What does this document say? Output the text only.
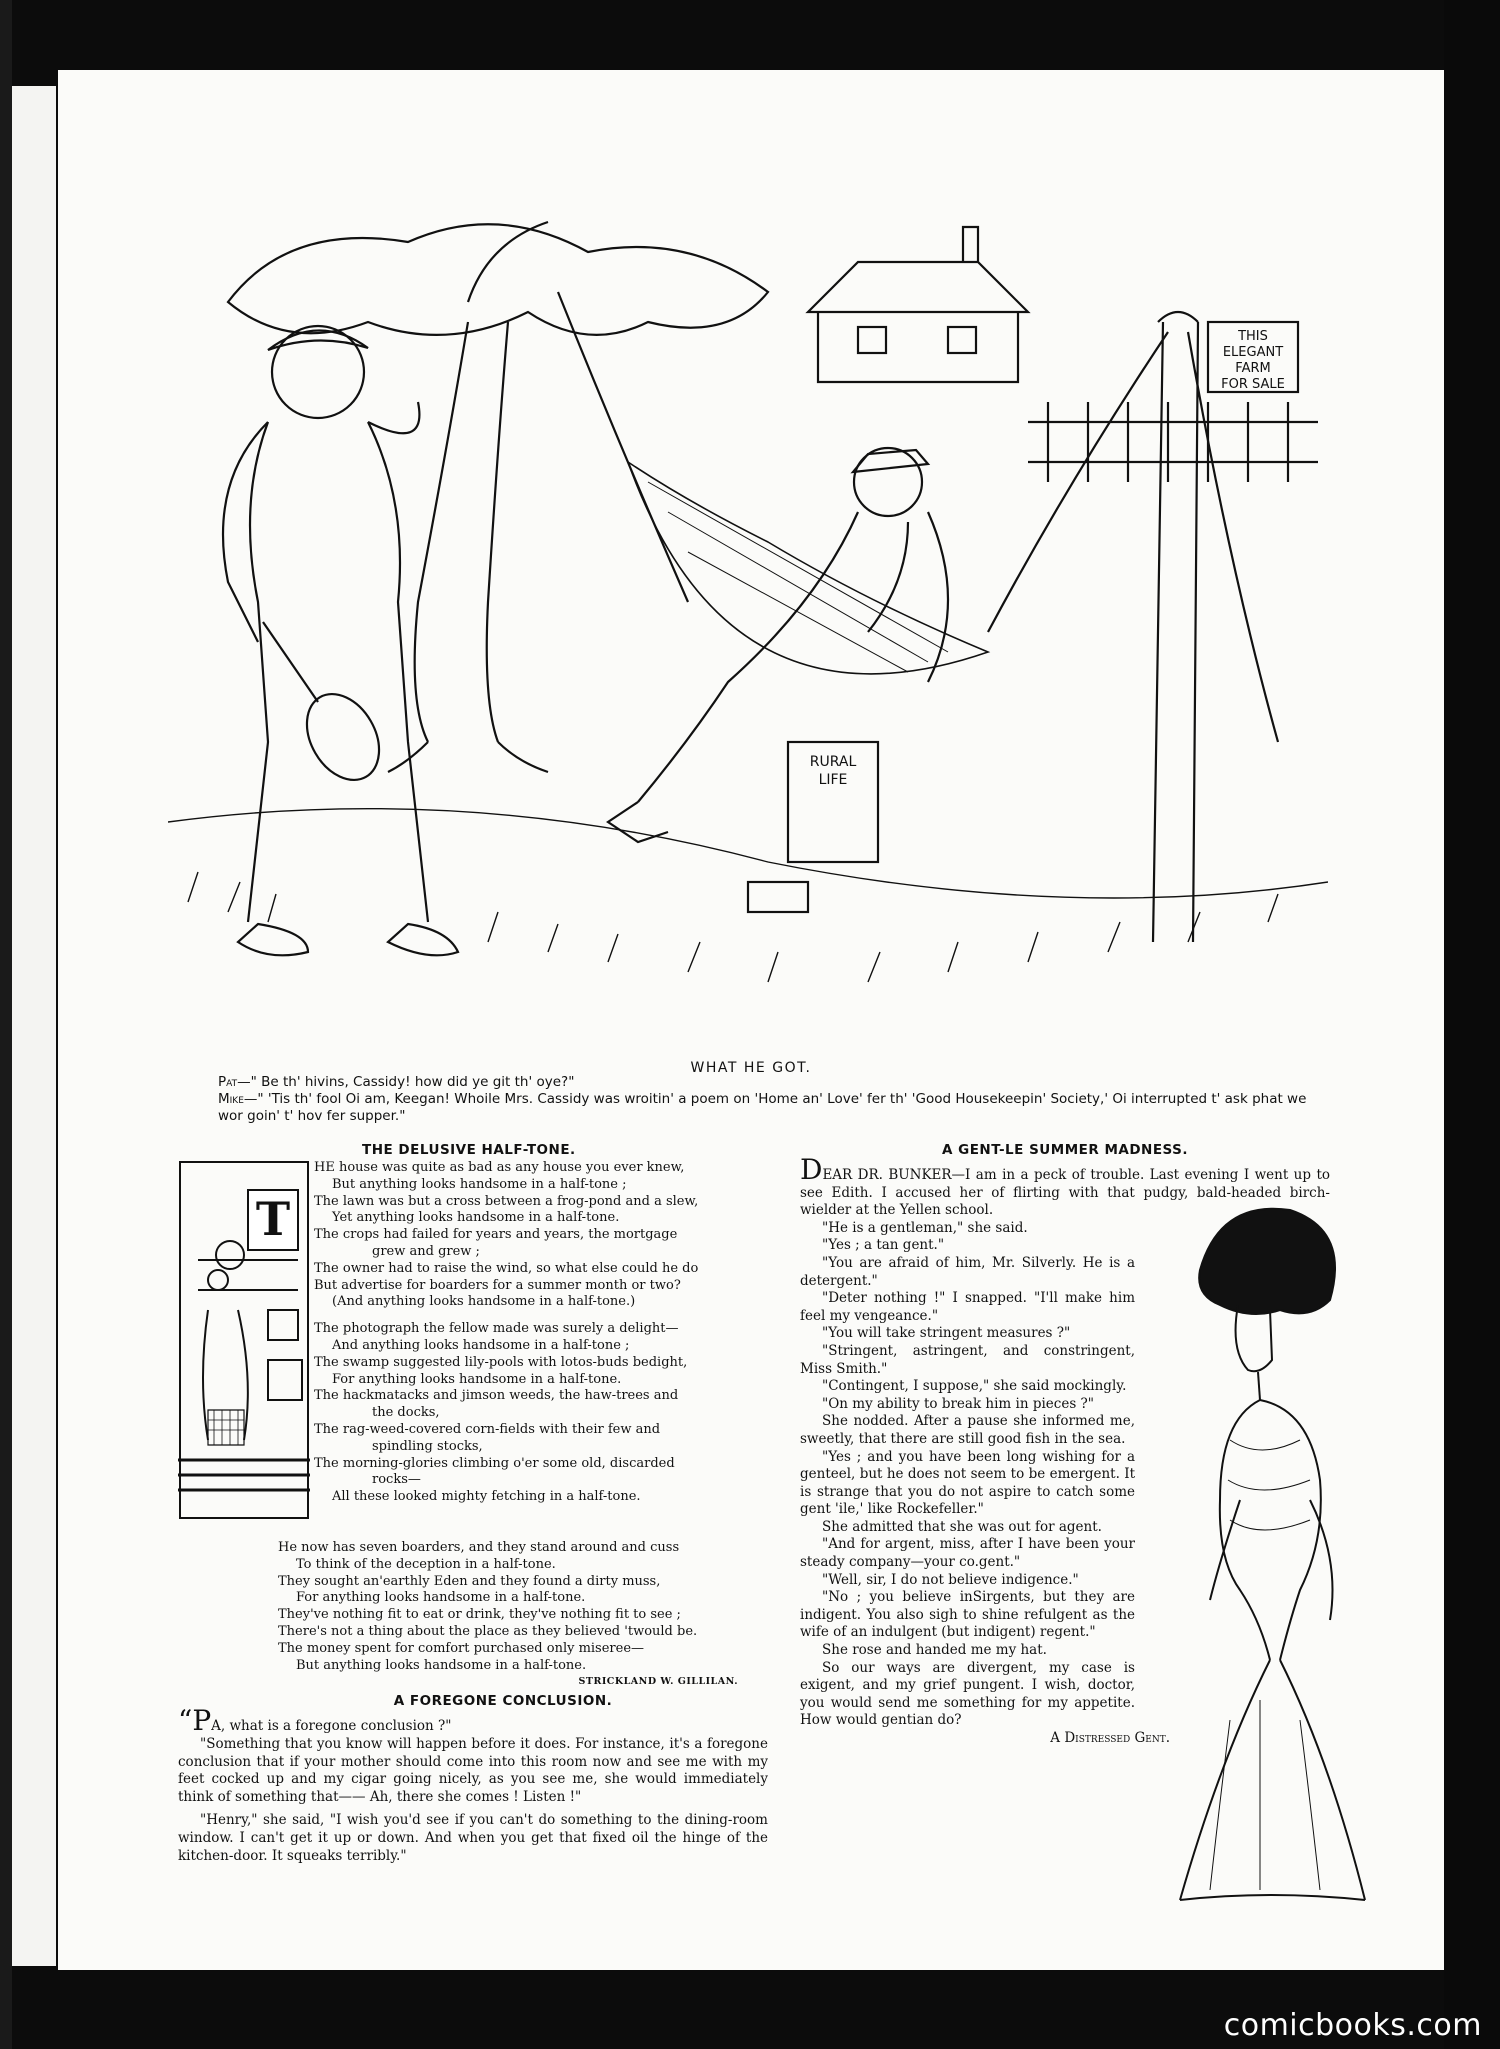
THIS
ELEGANT
FARM
FOR SALE
RURAL
LIFE
WHAT HE GOT.
Pat—" Be th' hivins, Cassidy! how did ye git th' oye?"
Mike—" 'Tis th' fool Oi am, Keegan! Whoile Mrs. Cassidy was wroitin' a poem on 'Home an' Love' fer th' 'Good Housekeepin' Society,' Oi interrupted t' ask phat we wor goin' t' hov fer supper."
THE DELUSIVE HALF-TONE.
T

HE house was quite as bad as any house you ever knew,

But anything looks handsome in a half-tone ;

The lawn was but a cross between a frog-pond and a slew,

Yet anything looks handsome in a half-tone.

The crops had failed for years and years, the mortgage

grew and grew ;

The owner had to raise the wind, so what else could he do

But advertise for boarders for a summer month or two?

(And anything looks handsome in a half-tone.)

The photograph the fellow made was surely a delight—

And anything looks handsome in a half-tone ;

The swamp suggested lily-pools with lotos-buds bedight,

For anything looks handsome in a half-tone.

The hackmatacks and jimson weeds, the haw-trees and

the docks,

The rag-weed-covered corn-fields with their few and

spindling stocks,

The morning-glories climbing o'er some old, discarded

rocks—

All these looked mighty fetching in a half-tone.

He now has seven boarders, and they stand around and cuss

To think of the deception in a half-tone.

They sought an'earthly Eden and they found a dirty muss,

For anything looks handsome in a half-tone.

They've nothing fit to eat or drink, they've nothing fit to see ;

There's not a thing about the place as they believed 'twould be.

The money spent for comfort purchased only miseree—

But anything looks handsome in a half-tone.

STRICKLAND W. GILLILAN.
A FOREGONE CONCLUSION.

“PA, what is a foregone conclusion ?"

"Something that you know will happen before it does. For instance, it's a foregone conclusion that if your mother should come into this room now and see me with my feet cocked up and my cigar going nicely, as you see me, she would immediately think of something that—— Ah, there she comes ! Listen !"

"Henry," she said, "I wish you'd see if you can't do something to the dining-room window. I can't get it up or down. And when you get that fixed oil the hinge of the kitchen-door. It squeaks terribly."

A GENT-LE SUMMER MADNESS.

DEAR DR. BUNKER—I am in a peck of trouble. Last evening I went up to see Edith. I accused her of flirting with that pudgy, bald-headed birch-wielder at the Yellen school.

"He is a gentleman," she said.

"Yes ; a tan gent."

"You are afraid of him, Mr. Silverly. He is a detergent."

"Deter nothing !" I snapped. "I'll make him feel my vengeance."

"You will take stringent measures ?"

"Stringent, astringent, and constringent, Miss Smith."

"Contingent, I suppose," she said mockingly.

"On my ability to break him in pieces ?"

She nodded. After a pause she informed me, sweetly, that there are still good fish in the sea.

"Yes ; and you have been long wishing for a genteel, but he does not seem to be emergent. It is strange that you do not aspire to catch some gent 'ile,' like Rockefeller."

She admitted that she was out for agent.

"And for argent, miss, after I have been your steady company—your co.gent."

"Well, sir, I do not believe indigence."

"No ; you believe inSirgents, but they are indigent. You also sigh to shine refulgent as the wife of an indulgent (but indigent) regent."

She rose and handed me my hat.

So our ways are divergent, my case is exigent, and my grief pungent. I wish, doctor, you would send me something for my appetite. How would gentian do?

A Distressed Gent.
comicbooks.com
